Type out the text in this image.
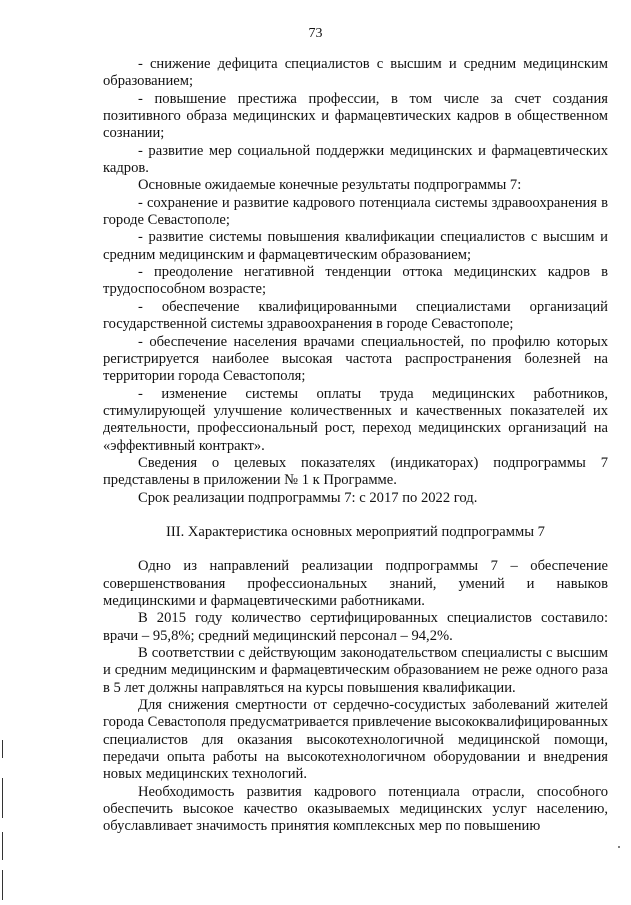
73

- снижение дефицита специалистов с высшим и средним медицинским образованием;

- повышение престижа профессии, в том числе за счет создания позитивного образа медицинских и фармацевтических кадров в общественном сознании;

- развитие мер социальной поддержки медицинских и фармацевтических кадров.

Основные ожидаемые конечные результаты подпрограммы 7:

- сохранение и развитие кадрового потенциала системы здравоохранения в городе Севастополе;

- развитие системы повышения квалификации специалистов с высшим и средним медицинским и фармацевтическим образованием;

- преодоление негативной тенденции оттока медицинских кадров в трудоспособном возрасте;

- обеспечение квалифицированными специалистами организаций государственной системы здравоохранения в городе Севастополе;

- обеспечение населения врачами специальностей, по профилю которых регистрируется наиболее высокая частота распространения болезней на территории города Севастополя;

- изменение системы оплаты труда медицинских работников, стимулирующей улучшение количественных и качественных показателей их деятельности, профессиональный рост, переход медицинских организаций на «эффективный контракт».

Сведения о целевых показателях (индикаторах) подпрограммы 7 представлены в приложении № 1 к Программе.

Срок реализации подпрограммы 7: с 2017 по 2022 год.

III. Характеристика основных мероприятий подпрограммы 7

Одно из направлений реализации подпрограммы 7 – обеспечение совершенствования профессиональных знаний, умений и навыков медицинскими и фармацевтическими работниками.

В 2015 году количество сертифицированных специалистов составило: врачи – 95,8%; средний медицинский персонал – 94,2%.

В соответствии с действующим законодательством специалисты с высшим и средним медицинским и фармацевтическим образованием не реже одного раза в 5 лет должны направляться на курсы повышения квалификации.

Для снижения смертности от сердечно-сосудистых заболеваний жителей города Севастополя предусматривается привлечение высококвалифицированных специалистов для оказания высокотехнологичной медицинской помощи, передачи опыта работы на высокотехнологичном оборудовании и внедрения новых медицинских технологий.

Необходимость развития кадрового потенциала отрасли, способного обеспечить высокое качество оказываемых медицинских услуг населению, обуславливает значимость принятия комплексных мер по повышению
